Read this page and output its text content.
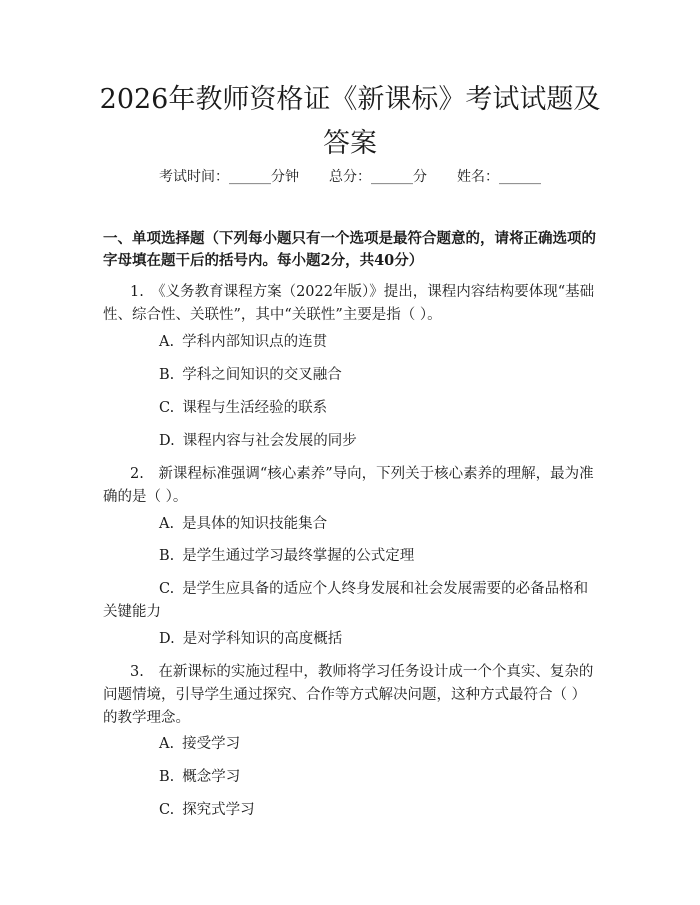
2026年教师资格证《新课标》考试试题及答案
考试时间：______分钟 总分：______分 姓名：______

一、单项选择题（下列每小题只有一个选项是最符合题意的，请将正确选项的字母填在题干后的括号内。每小题2分，共40分）

1.　《义务教育课程方案（2022年版）》提出，课程内容结构要体现“基础性、综合性、关联性”，其中“关联性”主要是指（ ）。

A. 学科内部知识点的连贯

B. 学科之间知识的交叉融合

C. 课程与生活经验的联系

D. 课程内容与社会发展的同步

2.　新课程标准强调“核心素养”导向，下列关于核心素养的理解，最为准确的是（ ）。

A. 是具体的知识技能集合

B. 是学生通过学习最终掌握的公式定理

C. 是学生应具备的适应个人终身发展和社会发展需要的必备品格和关键能力

D. 是对学科知识的高度概括

3.　在新课标的实施过程中，教师将学习任务设计成一个个真实、复杂的问题情境，引导学生通过探究、合作等方式解决问题，这种方式最符合（ ）的教学理念。

A. 接受学习

B. 概念学习

C. 探究式学习
